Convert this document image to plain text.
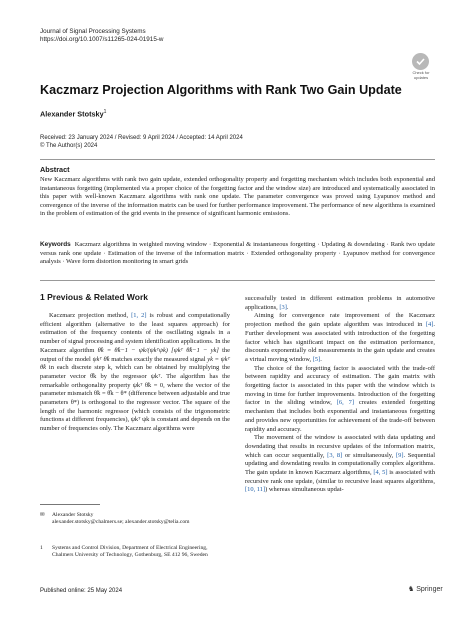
Journal of Signal Processing Systems
https://doi.org/10.1007/s11265-024-01915-w
Check for
updates
Kaczmarz Projection Algorithms with Rank Two Gain Update
Alexander Stotsky$^1$
Received: 23 January 2024 / Revised: 9 April 2024 / Accepted: 14 April 2024
© The Author(s) 2024
Abstract
New Kaczmarz algorithms with rank two gain update, extended orthogonality property and forgetting mechanism which includes both exponential and instantaneous forgetting (implemented via a proper choice of the forgetting factor and the window size) are introduced and systematically associated in this paper with well-known Kaczmarz algorithms with rank one update. The parameter convergence was proved using Lyapunov method and convergence of the inverse of the information matrix can be used for further performance improvement. The performance of new algorithms is examined in the problem of estimation of the grid events in the presence of significant harmonic emissions.
Keywords Kaczmarz algorithms in weighted moving window · Exponential & instantaneous forgetting · Updating & downdating · Rank two update versus rank one update · Estimation of the inverse of the information matrix · Extended orthogonality property · Lyapunov method for convergence analysis · Wave form distortion monitoring in smart grids
1 Previous & Related Work

Kaczmarz projection method, [1, 2] is robust and computationally efficient algorithm (alternative to the least squares approach) for estimation of the frequency contents of the oscillating signals in a number of signal processing and system identification applications. In the Kaczmarz algorithm θ̂k = θ̂k−1 − ψk/(ψkᵀψk) [ψkᵀ θ̂k−1 − yk] the output of the model ψkᵀ θ̂k matches exactly the measured signal yk = ψkᵀ θ̂k in each discrete step k, which can be obtained by multiplying the parameter vector θ̂k by the regressor ψkᵀ. The algorithm has the remarkable orthogonality property ψkᵀ θ̃k = 0, where the vector of the parameter mismatch θ̃k = θ̂k − θ* (difference between adjustable and true parameters θ*) is orthogonal to the regressor vector. The square of the length of the harmonic regressor (which consists of the trigonometric functions at different frequencies), ψkᵀ ψk is constant and depends on the number of frequencies only. The Kaczmarz algorithms were

successfully tested in different estimation problems in automotive applications, [3].

Aiming for convergence rate improvement of the Kaczmarz projection method the gain update algorithm was introduced in [4]. Further development was associated with introduction of the forgetting factor which has significant impact on the estimation performance, discounts exponentially old measurements in the gain update and creates a virtual moving window, [5].

The choice of the forgetting factor is associated with the trade-off between rapidity and accuracy of estimation. The gain matrix with forgetting factor is associated in this paper with the window which is moving in time for further improvements. Introduction of the forgetting factor in the sliding window, [6, 7] creates extended forgetting mechanism that includes both exponential and instantaneous forgetting and provides new opportunities for achievement of the trade-off between rapidity and accuracy.

The movement of the window is associated with data updating and downdating that results in recursive updates of the information matrix, which can occur sequentially, [3, 8] or simultaneously, [9]. Sequential updating and downdating results in computationally complex algorithms. The gain update in known Kaczmarz algorithms, [4, 5] is associated with recursive rank one update, (similar to recursive least squares algorithms, [10, 11]) whereas simultaneous updat-

✉ Alexander Stotsky
alexander.stotsky@chalmers.se; alexander.stotsky@telia.com
1 Systems and Control Division, Department of Electrical Engineering, Chalmers University of Technology, Gothenburg, SE 412 96, Sweden
Published online: 25 May 2024	♞ Springer
